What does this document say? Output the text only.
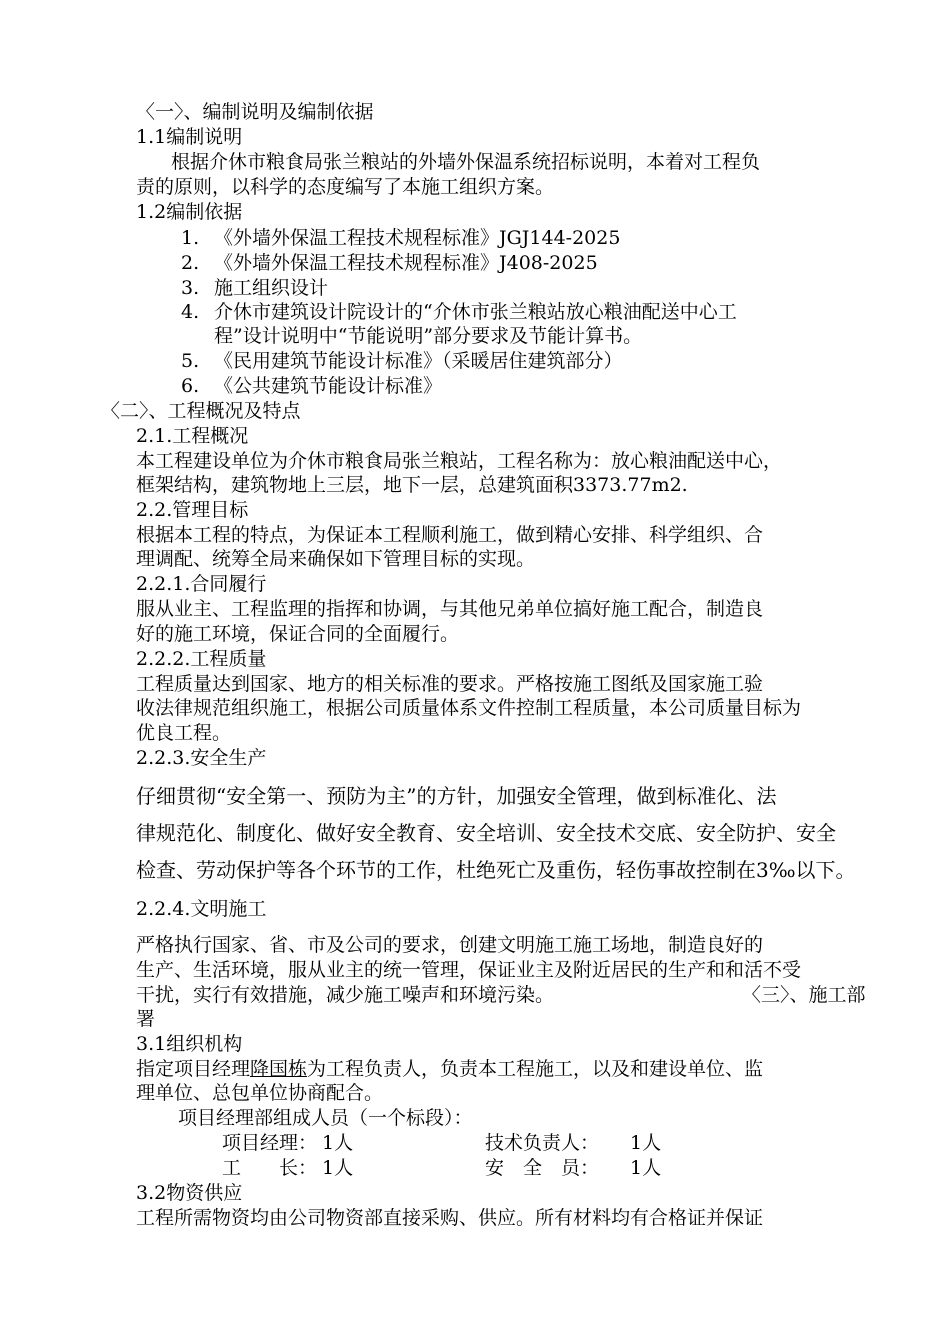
〈一〉、编制说明及编制依据
1.1编制说明
根据介休市粮食局张兰粮站的外墙外保温系统招标说明，本着对工程负
责的原则，以科学的态度编写了本施工组织方案。
1.2编制依据
1. 《外墙外保温工程技术规程标准》JGJ144-2025
2. 《外墙外保温工程技术规程标准》J408-2025
3. 施工组织设计
4. 介休市建筑设计院设计的“介休市张兰粮站放心粮油配送中心工
程”设计说明中“节能说明”部分要求及节能计算书。
5. 《民用建筑节能设计标准》（采暖居住建筑部分）
6. 《公共建筑节能设计标准》
〈二〉、工程概况及特点
2.1.工程概况
本工程建设单位为介休市粮食局张兰粮站，工程名称为：放心粮油配送中心，
框架结构，建筑物地上三层，地下一层，总建筑面积3373.77m2.
2.2.管理目标
根据本工程的特点，为保证本工程顺利施工，做到精心安排、科学组织、合
理调配、统筹全局来确保如下管理目标的实现。
2.2.1.合同履行
服从业主、工程监理的指挥和协调，与其他兄弟单位搞好施工配合，制造良
好的施工环境，保证合同的全面履行。
2.2.2.工程质量
工程质量达到国家、地方的相关标准的要求。严格按施工图纸及国家施工验
收法律规范组织施工，根据公司质量体系文件控制工程质量，本公司质量目标为
优良工程。
2.2.3.安全生产
仔细贯彻“安全第一、预防为主”的方针，加强安全管理，做到标准化、法
律规范化、制度化、做好安全教育、安全培训、安全技术交底、安全防护、安全
检查、劳动保护等各个环节的工作，杜绝死亡及重伤，轻伤事故控制在3‰以下。
2.2.4.文明施工
严格执行国家、省、市及公司的要求，创建文明施工施工场地，制造良好的
生产、生活环境，服从业主的统一管理，保证业主及附近居民的生产和和活不受
干扰，实行有效措施，减少施工噪声和环境污染。	〈三〉、施工部
署
3.1组织机构
指定项目经理降国栋为工程负责人，负责本工程施工，以及和建设单位、监
理单位、总包单位协商配合。
项目经理部组成人员（一个标段）：
项目经理： 1人	技术负责人： 1人
工　　长： 1人	安　全　员： 1人
3.2物资供应
工程所需物资均由公司物资部直接采购、供应。所有材料均有合格证并保证
